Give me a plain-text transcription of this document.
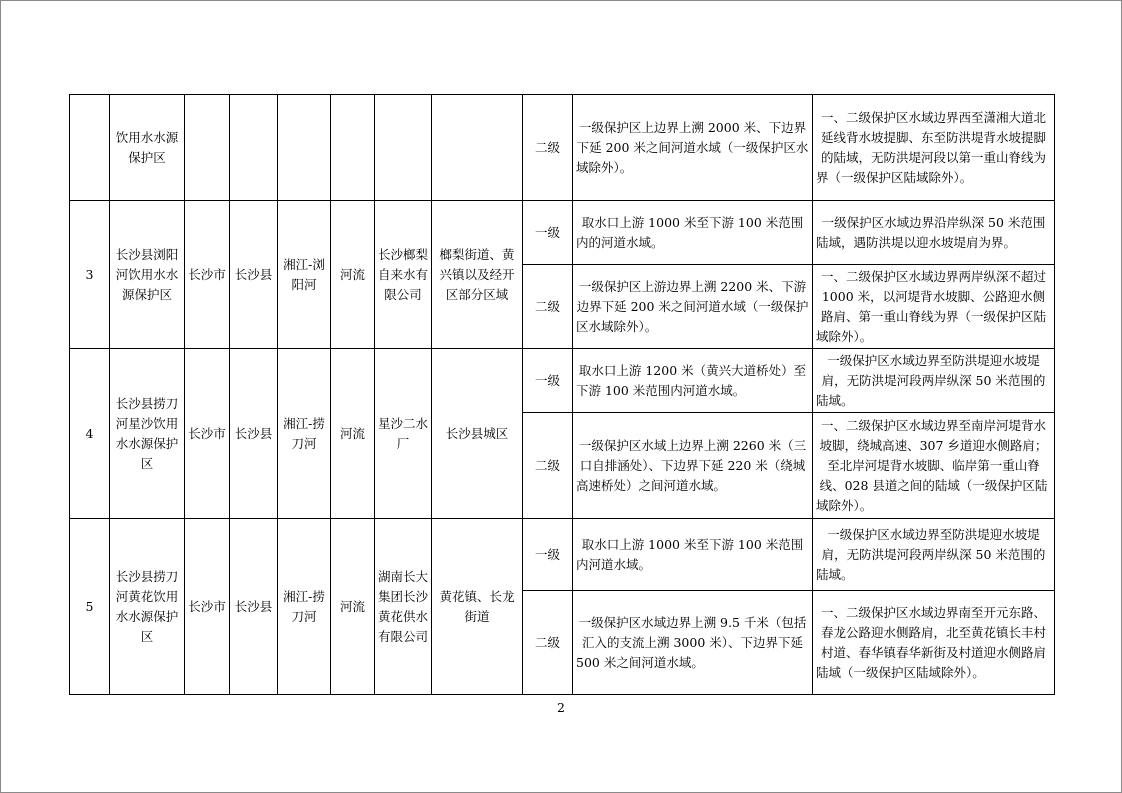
	饮用水水源保护区							二级	一级保护区上边界上溯 2000 米、下边界下延 200 米之间河道水域（一级保护区水域除外）。	一、二级保护区水域边界西至潇湘大道北延线背水坡提脚、东至防洪堤背水坡提脚的陆域，无防洪堤河段以第一重山脊线为界（一级保护区陆域除外）。
3	长沙县浏阳河饮用水水源保护区	长沙市	长沙县	湘江-浏阳河	河流	长沙榔梨自来水有限公司	榔梨街道、黄兴镇以及经开区部分区域	一级	取水口上游 1000 米至下游 100 米范围内的河道水域。	一级保护区水域边界沿岸纵深 50 米范围陆域，遇防洪堤以迎水坡堤肩为界。
								二级	一级保护区上游边界上溯 2200 米、下游边界下延 200 米之间河道水域（一级保护区水域除外）。	一、二级保护区水域边界两岸纵深不超过 1000 米，以河堤背水坡脚、公路迎水侧路肩、第一重山脊线为界（一级保护区陆域除外）。
4	长沙县捞刀河星沙饮用水水源保护区	长沙市	长沙县	湘江-捞刀河	河流	星沙二水厂	长沙县城区	一级	取水口上游 1200 米（黄兴大道桥处）至下游 100 米范围内河道水域。	一级保护区水域边界至防洪堤迎水坡堤肩，无防洪堤河段两岸纵深 50 米范围的陆域。
								二级	一级保护区水域上边界上溯 2260 米（三口自排涵处）、下边界下延 220 米（绕城高速桥处）之间河道水域。	一、二级保护区水域边界至南岸河堤背水坡脚，绕城高速、307 乡道迎水侧路肩；至北岸河堤背水坡脚、临岸第一重山脊线、028 县道之间的陆域（一级保护区陆域除外）。
5	长沙县捞刀河黄花饮用水水源保护区	长沙市	长沙县	湘江-捞刀河	河流	湖南长大集团长沙黄花供水有限公司	黄花镇、长龙街道	一级	取水口上游 1000 米至下游 100 米范围内河道水域。	一级保护区水域边界至防洪堤迎水坡堤肩，无防洪堤河段两岸纵深 50 米范围的陆域。
								二级	一级保护区水域边界上溯 9.5 千米（包括汇入的支流上溯 3000 米）、下边界下延 500 米之间河道水域。	一、二级保护区水域边界南至开元东路、春龙公路迎水侧路肩，北至黄花镇长丰村村道、春华镇春华新街及村道迎水侧路肩陆域（一级保护区陆域除外）。
2
